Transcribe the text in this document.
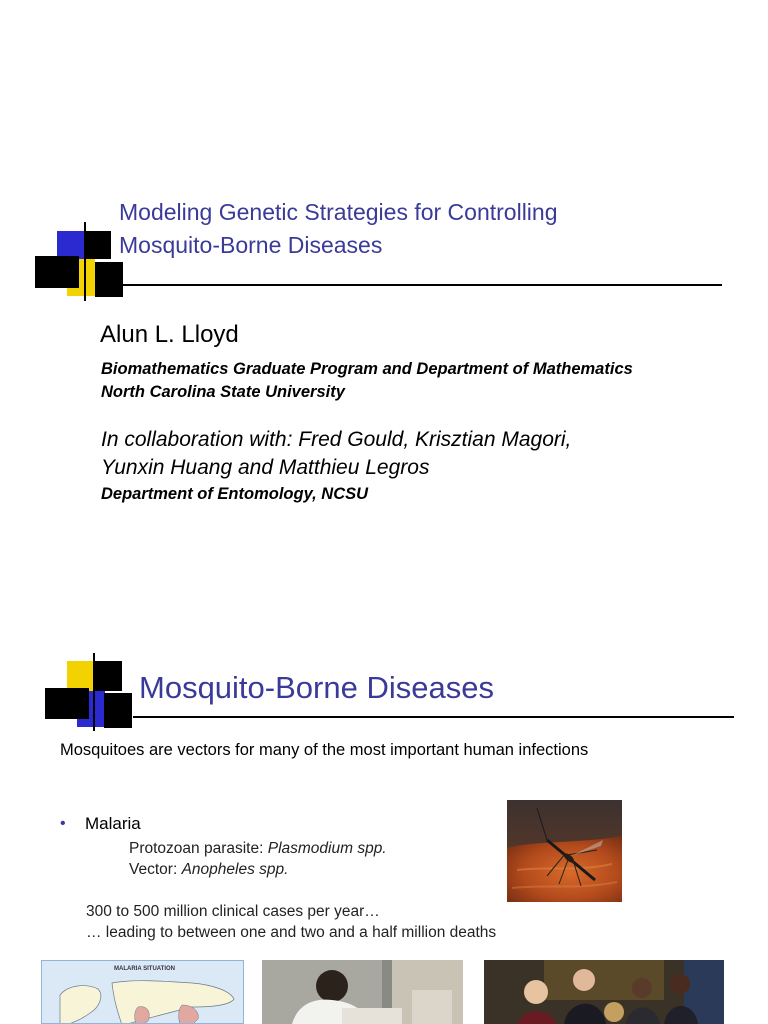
Modeling Genetic Strategies for Controlling
Mosquito-Borne Diseases
Alun L. Lloyd
Biomathematics Graduate Program and Department of Mathematics
North Carolina State University
In collaboration with: Fred Gould, Krisztian Magori,
Yunxin Huang and Matthieu Legros
Department of Entomology, NCSU
Mosquito-Borne Diseases
Mosquitoes are vectors for many of the most important human infections
• Malaria
Protozoan parasite: Plasmodium spp.
Vector: Anopheles spp.
300 to 500 million clinical cases per year…
… leading to between one and two and a half million deaths
MALARIA SITUATION
